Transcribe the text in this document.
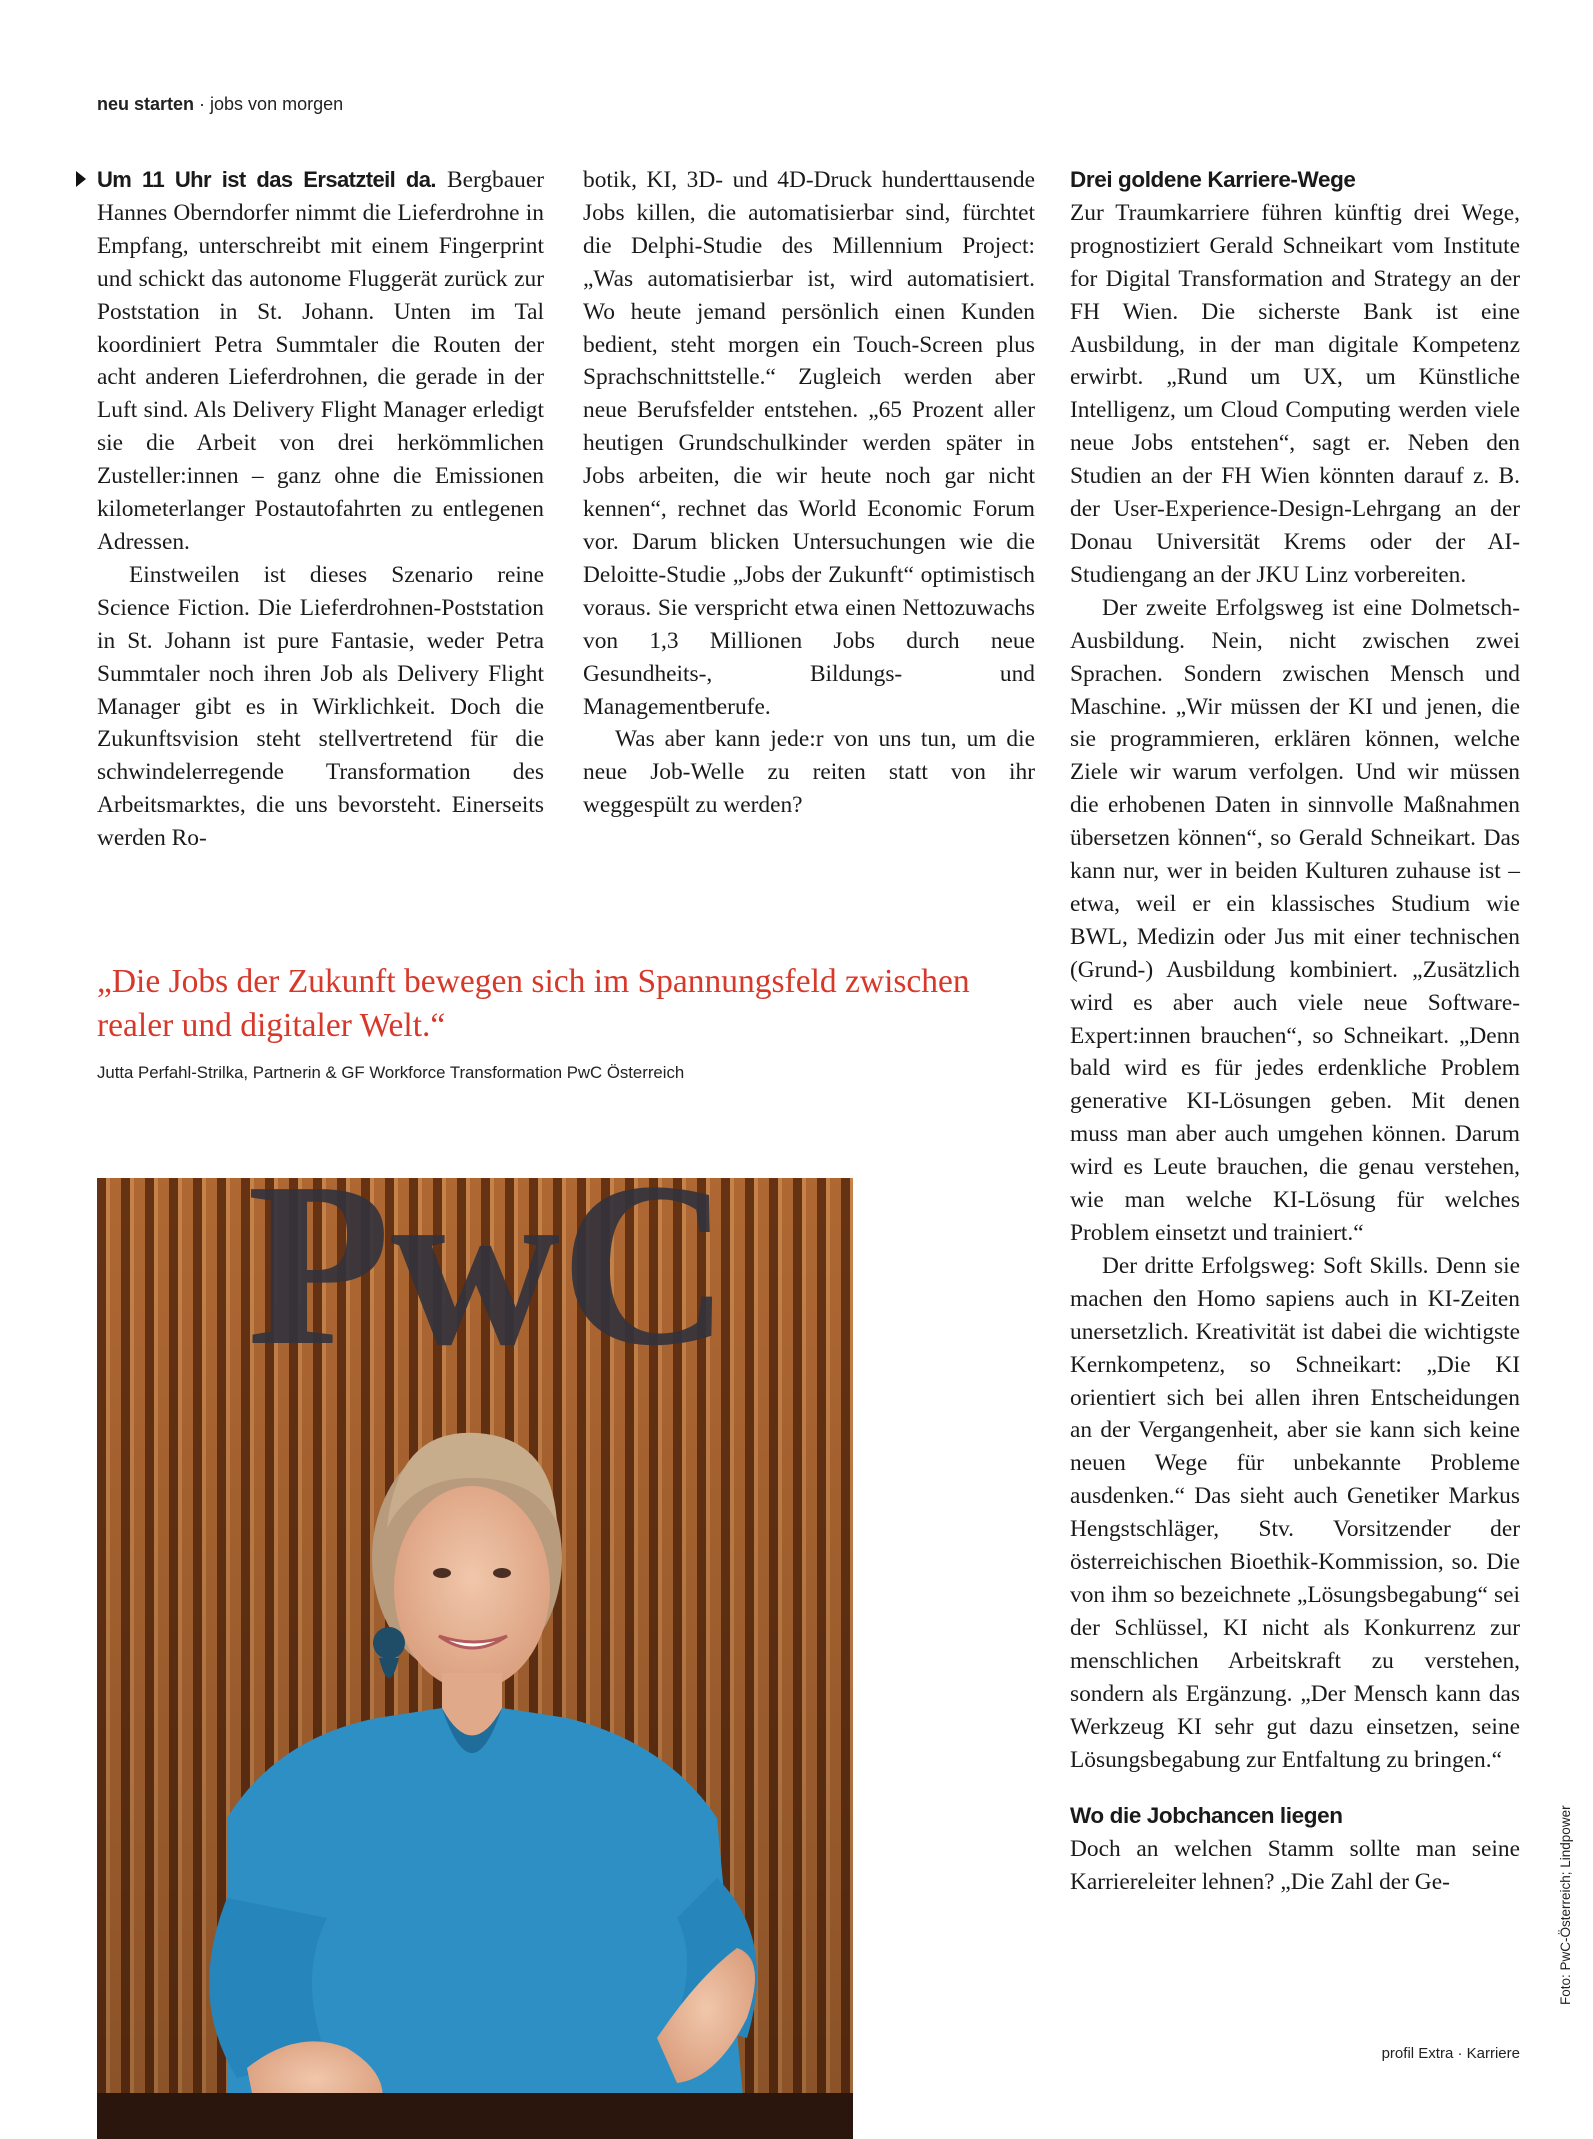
neu starten · jobs von morgen

Um 11 Uhr ist das Ersatzteil da. Bergbauer Hannes Oberndorfer nimmt die Lieferdrohne in Empfang, unterschreibt mit einem Fingerprint und schickt das autonome Fluggerät zurück zur Poststation in St. Johann. Unten im Tal koordiniert Petra Summtaler die Routen der acht anderen Lieferdrohnen, die gerade in der Luft sind. Als Delivery Flight Manager erledigt sie die Arbeit von drei herkömmlichen Zusteller:innen – ganz ohne die Emissionen kilometerlanger Postautofahrten zu entlegenen Adressen.

Einstweilen ist dieses Szenario reine Science Fiction. Die Lieferdrohnen-Poststation in St. Johann ist pure Fantasie, weder Petra Summtaler noch ihren Job als Delivery Flight Manager gibt es in Wirklichkeit. Doch die Zukunftsvision steht stellvertretend für die schwindelerregende Transformation des Arbeitsmarktes, die uns bevorsteht. Einerseits werden Ro-

botik, KI, 3D- und 4D-Druck hunderttausende Jobs killen, die automatisierbar sind, fürchtet die Delphi-Studie des Millennium Project: „Was automatisierbar ist, wird automatisiert. Wo heute jemand persönlich einen Kunden bedient, steht morgen ein Touch-Screen plus Sprachschnittstelle.“ Zugleich werden aber neue Berufsfelder entstehen. „65 Prozent aller heutigen Grundschulkinder werden später in Jobs arbeiten, die wir heute noch gar nicht kennen“, rechnet das World Economic Forum vor. Darum blicken Untersuchungen wie die Deloitte-Studie „Jobs der Zukunft“ optimistisch voraus. Sie verspricht etwa einen Nettozuwachs von 1,3 Millionen Jobs durch neue Gesundheits-, Bildungs- und Managementberufe.

Was aber kann jede:r von uns tun, um die neue Job-Welle zu reiten statt von ihr weggespült zu werden?

Drei goldene Karriere-Wege

Zur Traumkarriere führen künftig drei Wege, prognostiziert Gerald Schneikart vom Institute for Digital Transformation and Strategy an der FH Wien. Die sicherste Bank ist eine Ausbildung, in der man digitale Kompetenz erwirbt. „Rund um UX, um Künstliche Intelligenz, um Cloud Computing werden viele neue Jobs entstehen“, sagt er. Neben den Studien an der FH Wien könnten darauf z. B. der User-Experience-Design-Lehrgang an der Donau Universität Krems oder der AI-Studiengang an der JKU Linz vorbereiten.

Der zweite Erfolgsweg ist eine Dolmetsch-Ausbildung. Nein, nicht zwischen zwei Sprachen. Sondern zwischen Mensch und Maschine. „Wir müssen der KI und jenen, die sie programmieren, erklären können, welche Ziele wir warum verfolgen. Und wir müssen die erhobenen Daten in sinnvolle Maßnahmen übersetzen können“, so Gerald Schneikart. Das kann nur, wer in beiden Kulturen zuhause ist – etwa, weil er ein klassisches Studium wie BWL, Medizin oder Jus mit einer technischen (Grund-) Ausbildung kombiniert. „Zusätzlich wird es aber auch viele neue Software-Expert:innen brauchen“, so Schneikart. „Denn bald wird es für jedes erdenkliche Problem generative KI-Lösungen geben. Mit denen muss man aber auch umgehen können. Darum wird es Leute brauchen, die genau verstehen, wie man welche KI-Lösung für welches Problem einsetzt und trainiert.“

Der dritte Erfolgsweg: Soft Skills. Denn sie machen den Homo sapiens auch in KI-Zeiten unersetzlich. Kreativität ist dabei die wichtigste Kernkompetenz, so Schneikart: „Die KI orientiert sich bei allen ihren Entscheidungen an der Vergangenheit, aber sie kann sich keine neuen Wege für unbekannte Probleme ausdenken.“ Das sieht auch Genetiker Markus Hengstschläger, Stv. Vorsitzender der österreichischen Bioethik-Kommission, so. Die von ihm so bezeichnete „Lösungsbegabung“ sei der Schlüssel, KI nicht als Konkurrenz zur menschlichen Arbeitskraft zu verstehen, sondern als Ergänzung. „Der Mensch kann das Werkzeug KI sehr gut dazu einsetzen, seine Lösungsbegabung zur Entfaltung zu bringen.“

Wo die Jobchancen liegen

Doch an welchen Stamm sollte man seine Karriereleiter lehnen? „Die Zahl der Ge-

„Die Jobs der Zukunft bewegen sich im Spannungsfeld zwischen realer und digitaler Welt.“
Jutta Perfahl-Strilka, Partnerin & GF Workforce Transformation PwC Österreich
PwC
Foto: PwC-Österreich; Lindpower
profil Extra · Karriere
